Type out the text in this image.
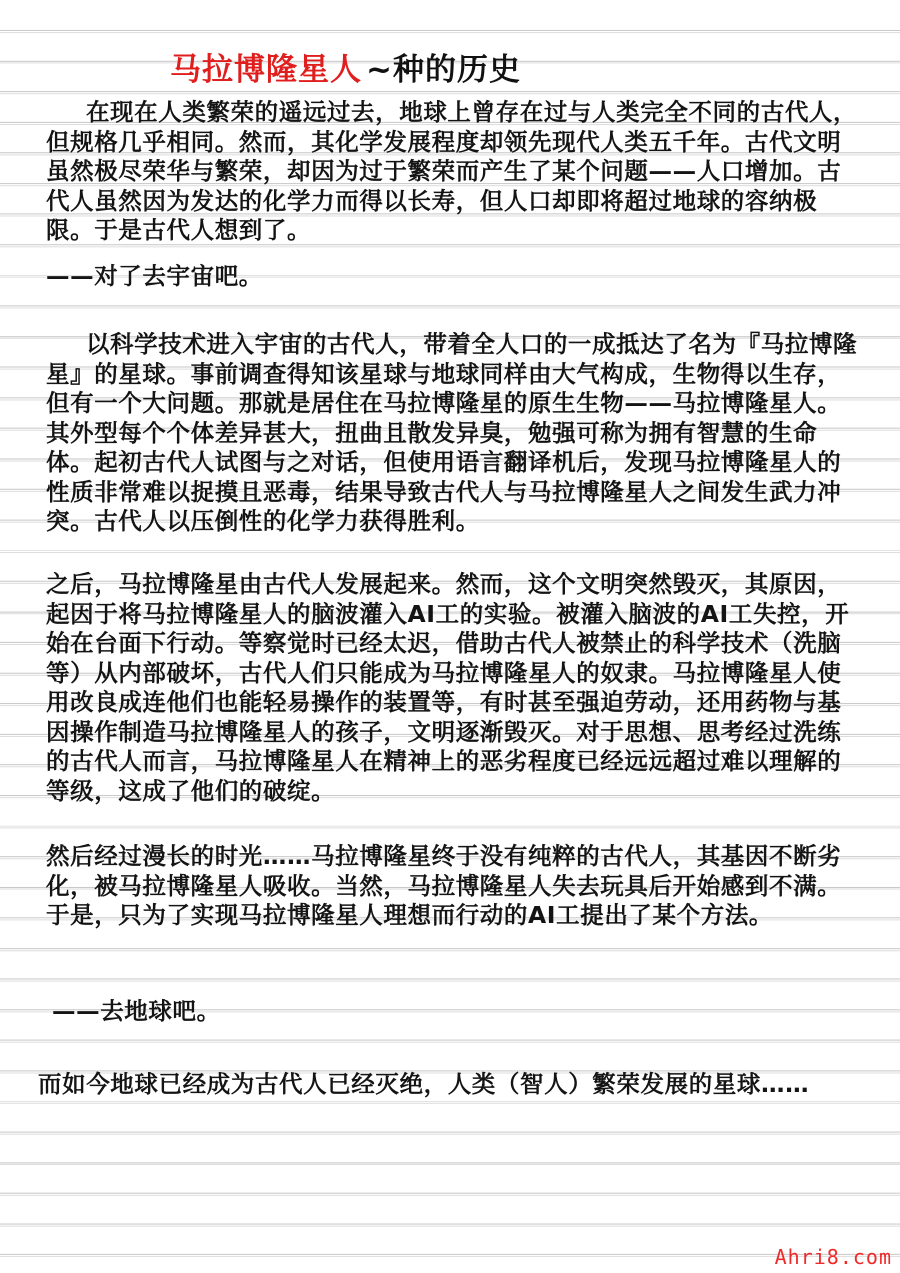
马拉博隆星人 ~种的历史

在现在人类繁荣的遥远过去，地球上曾存在过与人类完全不同的古代人，但规格几乎相同。然而，其化学发展程度却领先现代人类五千年。古代文明虽然极尽荣华与繁荣，却因为过于繁荣而产生了某个问题——人口增加。古代人虽然因为发达的化学力而得以长寿，但人口却即将超过地球的容纳极限。于是古代人想到了。

——对了去宇宙吧。

以科学技术进入宇宙的古代人，带着全人口的一成抵达了名为『马拉博隆星』的星球。事前调查得知该星球与地球同样由大气构成，生物得以生存，但有一个大问题。那就是居住在马拉博隆星的原生生物——马拉博隆星人。其外型每个个体差异甚大，扭曲且散发异臭，勉强可称为拥有智慧的生命体。起初古代人试图与之对话，但使用语言翻译机后，发现马拉博隆星人的性质非常难以捉摸且恶毒，结果导致古代人与马拉博隆星人之间发生武力冲突。古代人以压倒性的化学力获得胜利。

之后，马拉博隆星由古代人发展起来。然而，这个文明突然毁灭，其原因，起因于将马拉博隆星人的脑波灌入AI工的实验。被灌入脑波的AI工失控，开始在台面下行动。等察觉时已经太迟，借助古代人被禁止的科学技术（洗脑等）从内部破坏，古代人们只能成为马拉博隆星人的奴隶。马拉博隆星人使用改良成连他们也能轻易操作的装置等，有时甚至强迫劳动，还用药物与基因操作制造马拉博隆星人的孩子，文明逐渐毁灭。对于思想、思考经过洗练的古代人而言，马拉博隆星人在精神上的恶劣程度已经远远超过难以理解的等级，这成了他们的破绽。

然后经过漫长的时光……马拉博隆星终于没有纯粹的古代人，其基因不断劣化，被马拉博隆星人吸收。当然，马拉博隆星人失去玩具后开始感到不满。于是，只为了实现马拉博隆星人理想而行动的AI工提出了某个方法。

——去地球吧。
而如今地球已经成为古代人已经灭绝，人类（智人）繁荣发展的星球……
Ahri8.com
